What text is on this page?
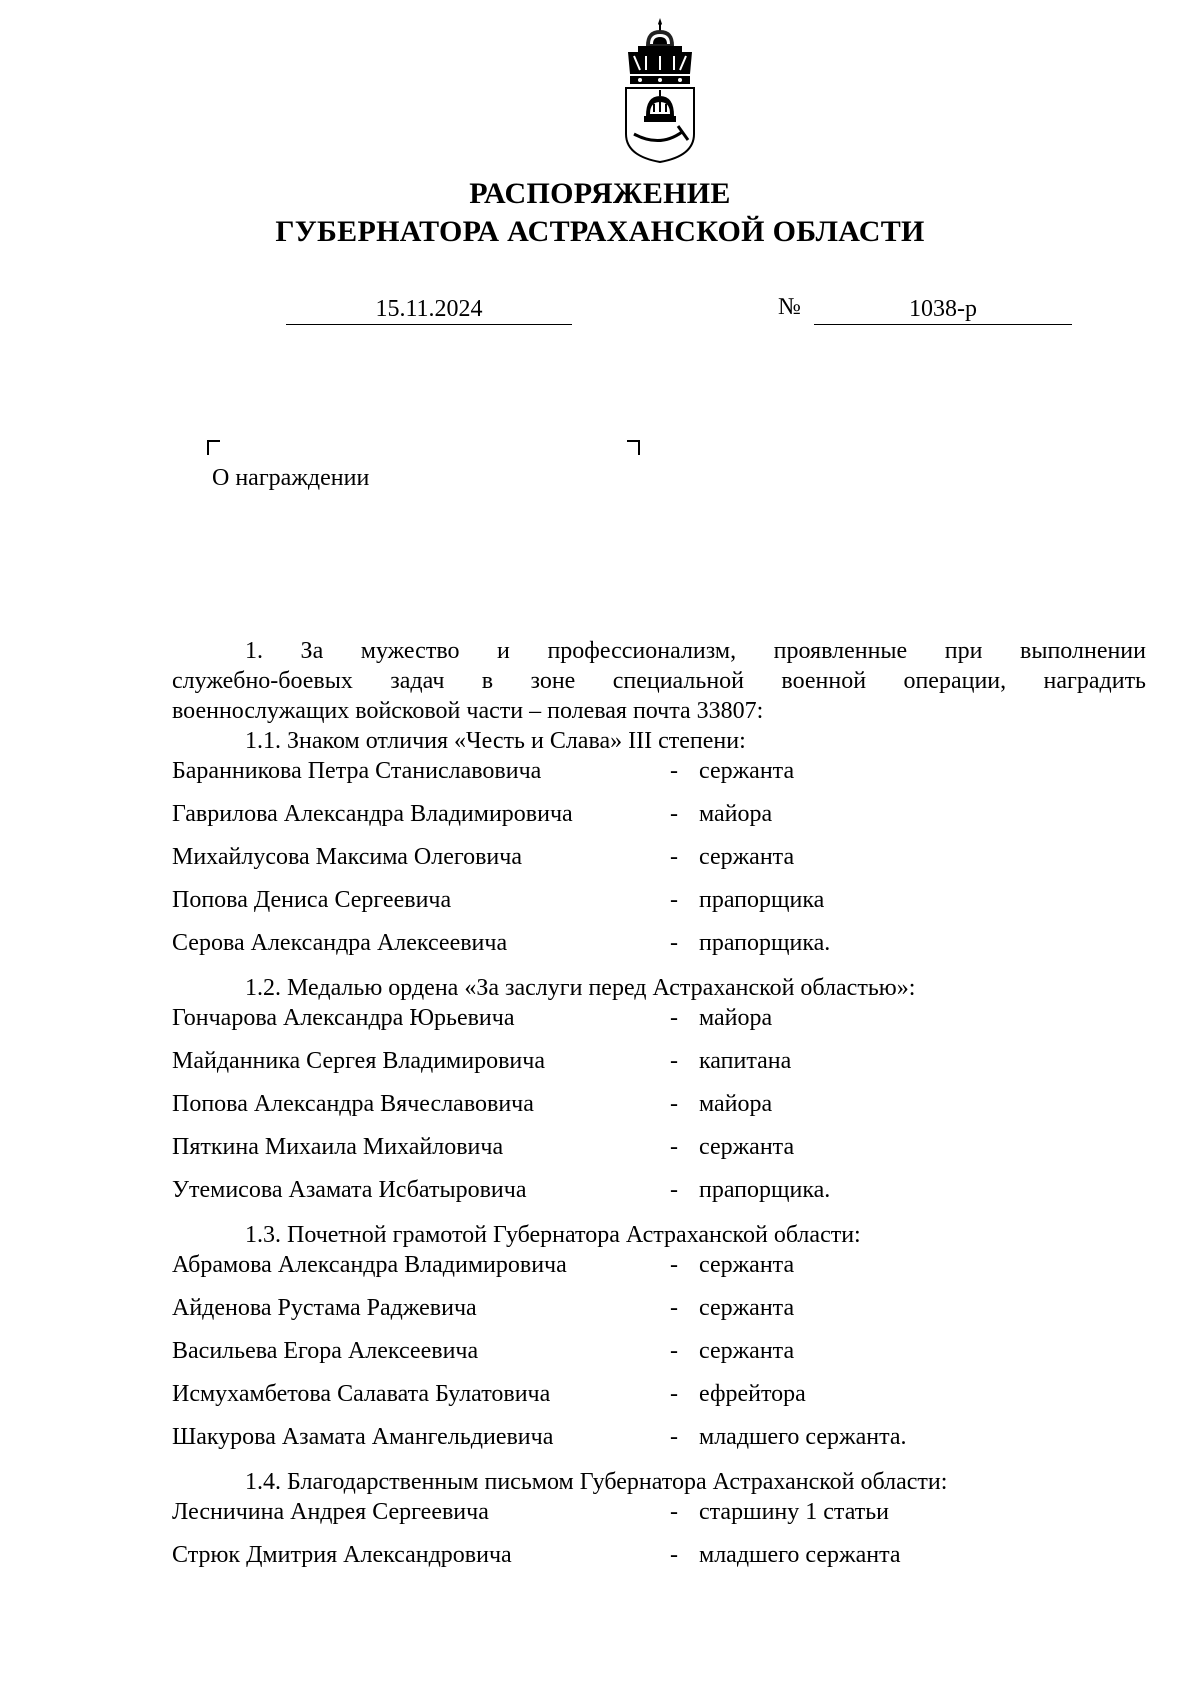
РАСПОРЯЖЕНИЕ
ГУБЕРНАТОРА АСТРАХАНСКОЙ ОБЛАСТИ
15.11.2024	№	1038-р
О награждении
1. За мужество и профессионализм, проявленные при выполнении
служебно-боевых задач в зоне специальной военной операции, наградить
военнослужащих войсковой части – полевая почта 33807:
1.1. Знаком отличия «Честь и Слава» III степени:
Баранникова Петра Станиславовича	- сержанта
Гаврилова Александра Владимировича	- майора
Михайлусова Максима Олеговича	- сержанта
Попова Дениса Сергеевича	- прапорщика
Серова Александра Алексеевича	- прапорщика.
1.2. Медалью ордена «За заслуги перед Астраханской областью»:
Гончарова Александра Юрьевича	- майора
Майданника Сергея Владимировича	- капитана
Попова Александра Вячеславовича	- майора
Пяткина Михаила Михайловича	- сержанта
Утемисова Азамата Исбатыровича	- прапорщика.
1.3. Почетной грамотой Губернатора Астраханской области:
Абрамова Александра Владимировича	- сержанта
Айденова Рустама Раджевича	- сержанта
Васильева Егора Алексеевича	- сержанта
Исмухамбетова Салавата Булатовича	- ефрейтора
Шакурова Азамата Амангельдиевича	- младшего сержанта.
1.4. Благодарственным письмом Губернатора Астраханской области:
Лесничина Андрея Сергеевича	- старшину 1 статьи
Стрюк Дмитрия Александровича	- младшего сержанта
